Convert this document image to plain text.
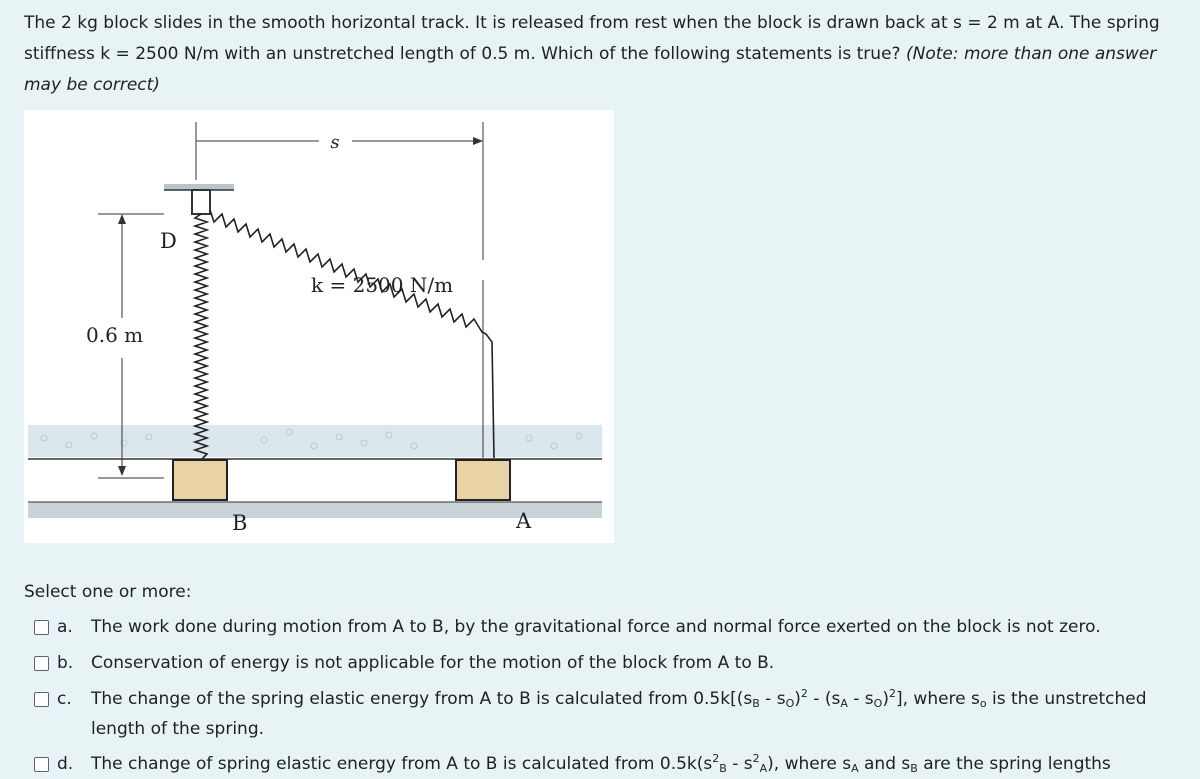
The 2 kg block slides in the smooth horizontal track. It is released from rest when the block is drawn back at s = 2 m at A. The spring stiffness k = 2500 N/m with an unstretched length of 0.5 m. Which of the following statements is true? (Note: more than one answer may be correct)
s
k = 2500 N/m
D
0.6 m
B	A
Select one or more:
a.	The work done during motion from A to B, by the gravitational force and normal force exerted on the block is not zero.
b.	Conservation of energy is not applicable for the motion of the block from A to B.
c.	The change of the spring elastic energy from A to B is calculated from $0.5k[(s_B - s_O)^2 - (s_A - s_O)^2]$, where $s_o$ is the unstretched length of the spring.
d.	The change of spring elastic energy from A to B is calculated from $0.5k(s^2_B - s^2_A)$, where $s_A$ and $s_B$ are the spring lengths
